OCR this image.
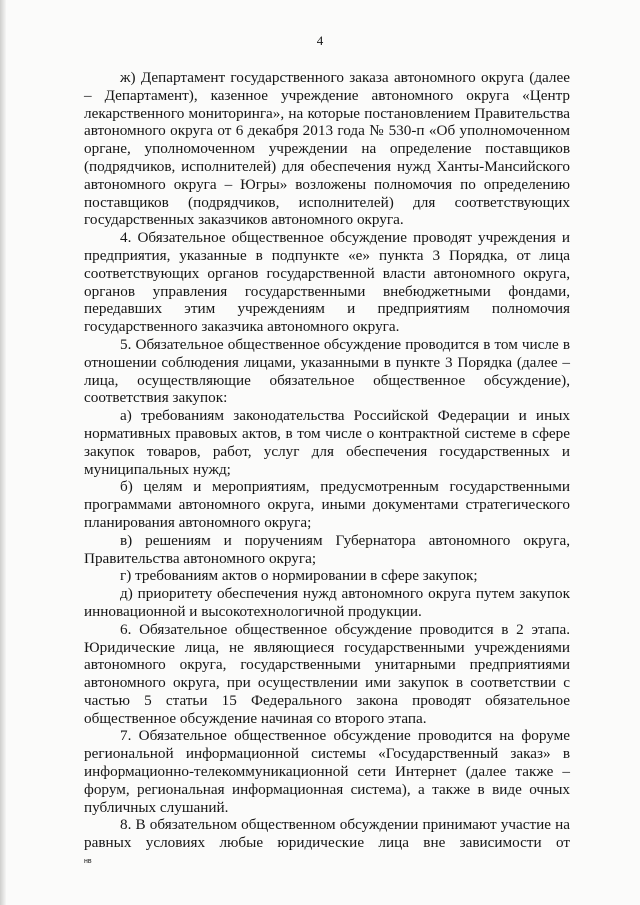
4

ж) Департамент государственного заказа автономного округа (далее – Департамент), казенное учреждение автономного округа «Центр лекарственного мониторинга», на которые постановлением Правительства автономного округа от 6 декабря 2013 года № 530-п «Об уполномоченном органе, уполномоченном учреждении на определение поставщиков (подрядчиков, исполнителей) для обеспечения нужд Ханты-Мансийского автономного округа – Югры» возложены полномочия по определению поставщиков (подрядчиков, исполнителей) для соответствующих государственных заказчиков автономного округа.

4. Обязательное общественное обсуждение проводят учреждения и предприятия, указанные в подпункте «е» пункта 3 Порядка, от лица соответствующих органов государственной власти автономного округа, органов управления государственными внебюджетными фондами, передавших этим учреждениям и предприятиям полномочия государственного заказчика автономного округа.

5. Обязательное общественное обсуждение проводится в том числе в отношении соблюдения лицами, указанными в пункте 3 Порядка (далее – лица, осуществляющие обязательное общественное обсуждение), соответствия закупок:

а) требованиям законодательства Российской Федерации и иных нормативных правовых актов, в том числе о контрактной системе в сфере закупок товаров, работ, услуг для обеспечения государственных и муниципальных нужд;

б) целям и мероприятиям, предусмотренным государственными программами автономного округа, иными документами стратегического планирования автономного округа;

в) решениям и поручениям Губернатора автономного округа, Правительства автономного округа;

г) требованиям актов о нормировании в сфере закупок;

д) приоритету обеспечения нужд автономного округа путем закупок инновационной и высокотехнологичной продукции.

6. Обязательное общественное обсуждение проводится в 2 этапа. Юридические лица, не являющиеся государственными учреждениями автономного округа, государственными унитарными предприятиями автономного округа, при осуществлении ими закупок в соответствии с частью 5 статьи 15 Федерального закона проводят обязательное общественное обсуждение начиная со второго этапа.

7. Обязательное общественное обсуждение проводится на форуме региональной информационной системы «Государственный заказ» в информационно-телекоммуникационной сети Интернет (далее также – форум, региональная информационная система), а также в виде очных публичных слушаний.

8. В обязательном общественном обсуждении принимают участие на равных условиях любые юридические лица вне зависимости от

нв
